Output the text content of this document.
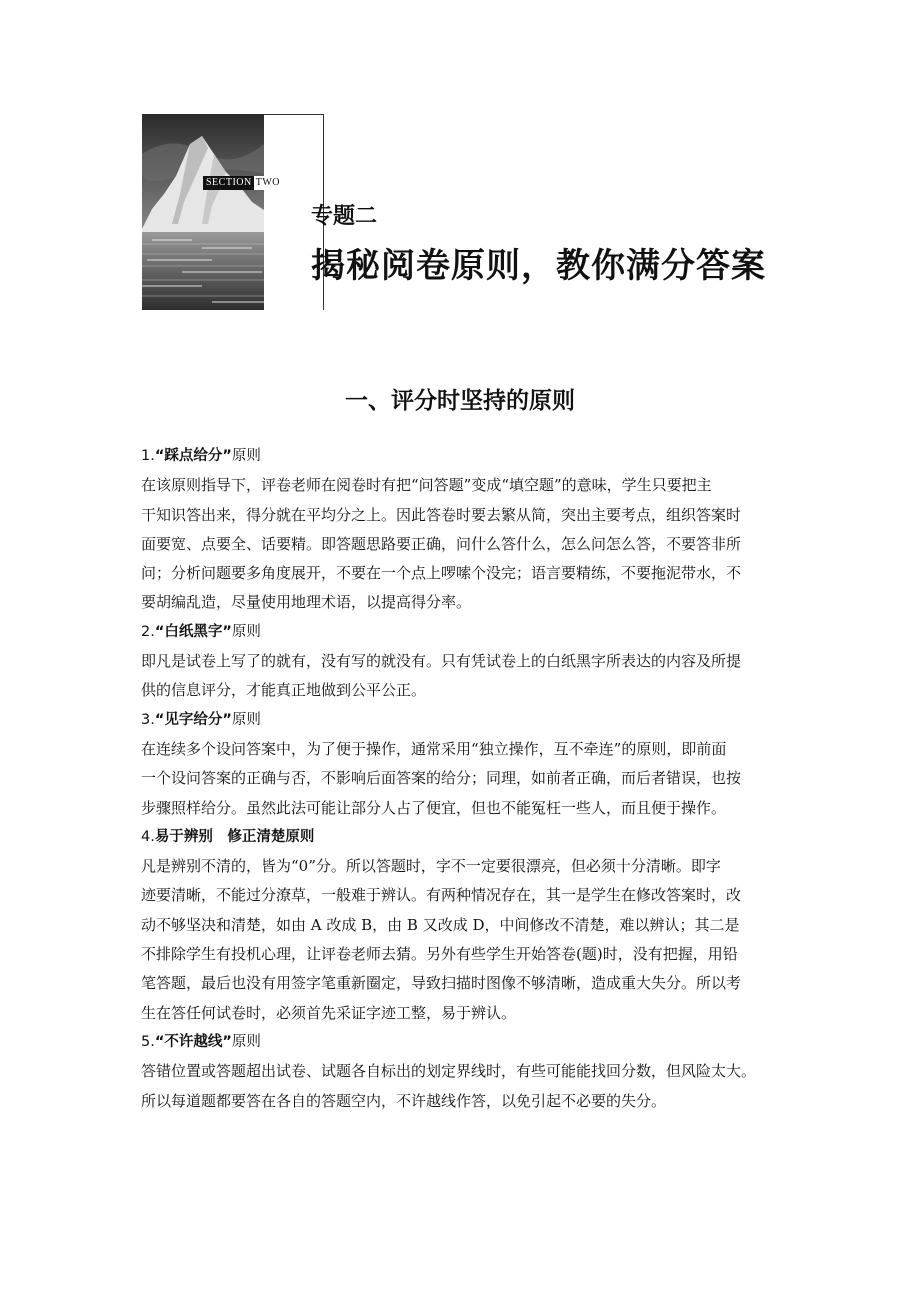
SECTION TWO
专题二
揭秘阅卷原则，教你满分答案
一、评分时坚持的原则

1.“踩点给分”原则

在该原则指导下，评卷老师在阅卷时有把“问答题”变成“填空题”的意味，学生只要把主
干知识答出来，得分就在平均分之上。因此答卷时要去繁从简，突出主要考点，组织答案时
面要宽、点要全、话要精。即答题思路要正确，问什么答什么，怎么问怎么答，不要答非所
问；分析问题要多角度展开，不要在一个点上啰嗦个没完；语言要精练，不要拖泥带水，不
要胡编乱造，尽量使用地理术语，以提高得分率。

2.“白纸黑字”原则

即凡是试卷上写了的就有，没有写的就没有。只有凭试卷上的白纸黑字所表达的内容及所提
供的信息评分，才能真正地做到公平公正。

3.“见字给分”原则

在连续多个设问答案中，为了便于操作，通常采用“独立操作，互不牵连”的原则，即前面
一个设问答案的正确与否，不影响后面答案的给分；同理，如前者正确，而后者错误，也按
步骤照样给分。虽然此法可能让部分人占了便宜，但也不能冤枉一些人，而且便于操作。

4.易于辨别　修正清楚原则

凡是辨别不清的，皆为“0”分。所以答题时，字不一定要很漂亮，但必须十分清晰。即字
迹要清晰，不能过分潦草，一般难于辨认。有两种情况存在，其一是学生在修改答案时，改
动不够坚决和清楚，如由 A 改成 B，由 B 又改成 D，中间修改不清楚，难以辨认；其二是
不排除学生有投机心理，让评卷老师去猜。另外有些学生开始答卷(题)时，没有把握，用铅
笔答题，最后也没有用签字笔重新圈定，导致扫描时图像不够清晰，造成重大失分。所以考
生在答任何试卷时，必须首先采证字迹工整，易于辨认。

5.“不许越线”原则

答错位置或答题超出试卷、试题各自标出的划定界线时，有些可能能找回分数，但风险太大。
所以每道题都要答在各自的答题空内，不许越线作答，以免引起不必要的失分。
